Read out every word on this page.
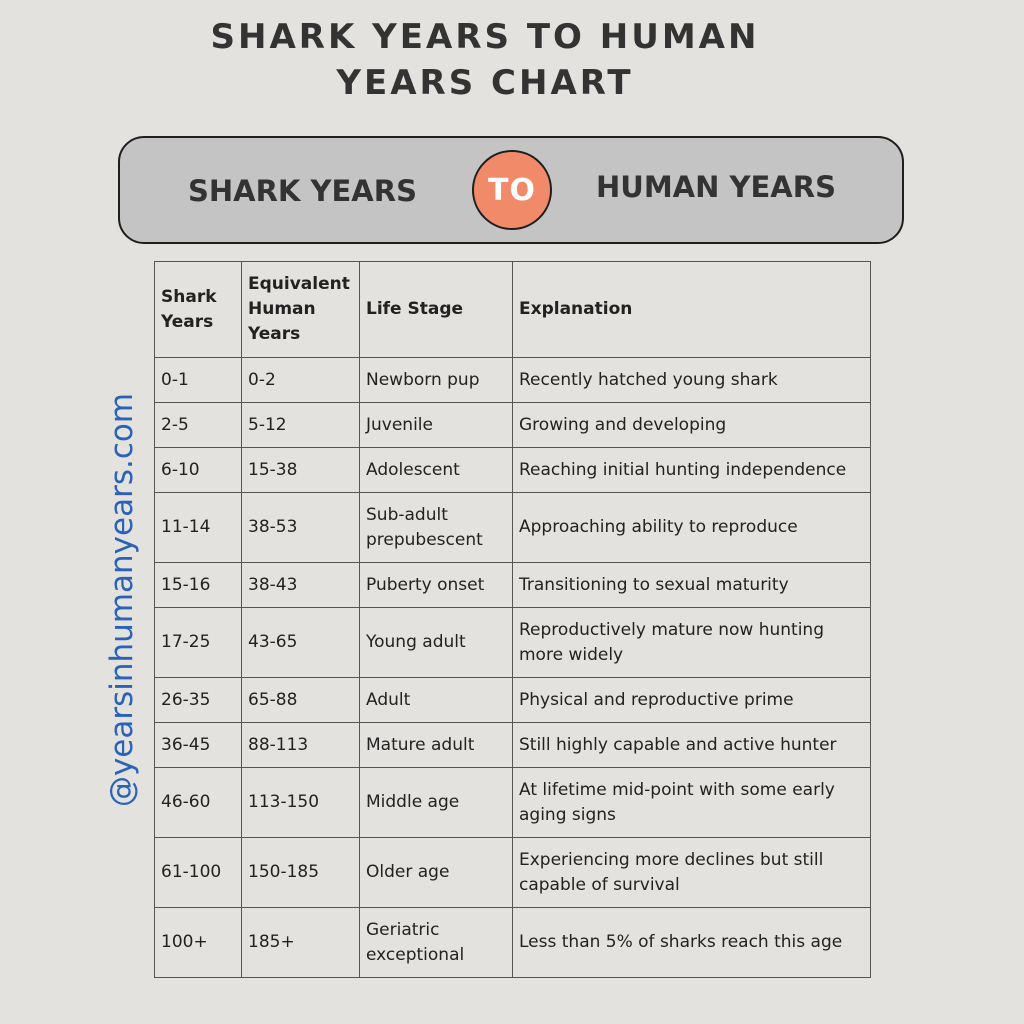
SHARK YEARS TO HUMAN
YEARS CHART
SHARK YEARS	TO	HUMAN YEARS
@yearsinhumanyears.com
Shark Years	Equivalent Human Years	Life Stage	Explanation
0-1	0-2	Newborn pup	Recently hatched young shark
2-5	5-12	Juvenile	Growing and developing
6-10	15-38	Adolescent	Reaching initial hunting independence
11-14	38-53	Sub-adult prepubescent	Approaching ability to reproduce
15-16	38-43	Puberty onset	Transitioning to sexual maturity
17-25	43-65	Young adult	Reproductively mature now hunting more widely
26-35	65-88	Adult	Physical and reproductive prime
36-45	88-113	Mature adult	Still highly capable and active hunter
46-60	113-150	Middle age	At lifetime mid-point with some early aging signs
61-100	150-185	Older age	Experiencing more declines but still capable of survival
100+	185+	Geriatric exceptional	Less than 5% of sharks reach this age
